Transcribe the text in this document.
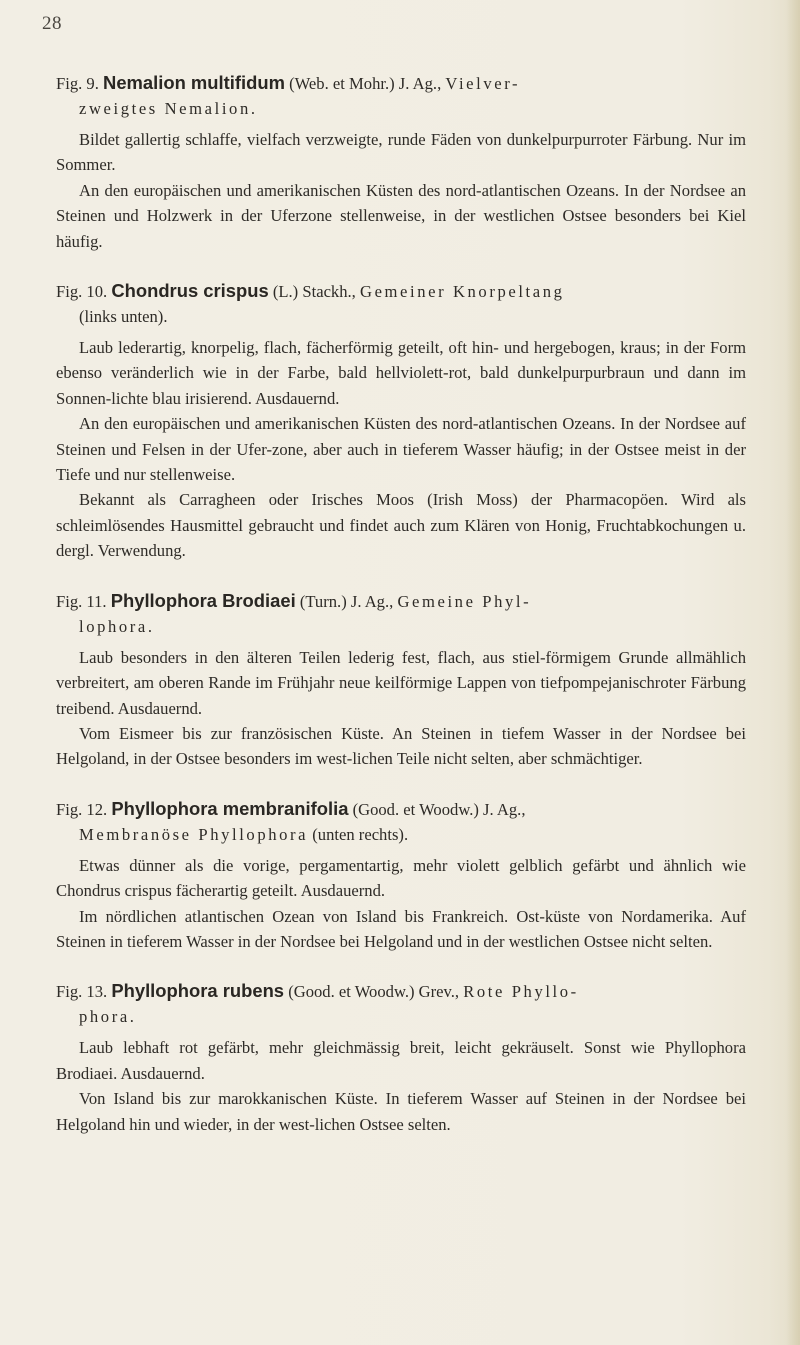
28
Fig. 9. Nemalion multifidum (Web. et Mohr.) J. Ag., Vielver-
zweigtes Nemalion.

Bildet gallertig schlaffe, vielfach verzweigte, runde Fäden von dunkelpurpurroter Färbung. Nur im Sommer.

An den europäischen und amerikanischen Küsten des nord-atlantischen Ozeans. In der Nordsee an Steinen und Holzwerk in der Uferzone stellenweise, in der westlichen Ostsee besonders bei Kiel häufig.

Fig. 10. Chondrus crispus (L.) Stackh., Gemeiner Knorpeltang
(links unten).

Laub lederartig, knorpelig, flach, fächerförmig geteilt, oft hin- und hergebogen, kraus; in der Form ebenso veränderlich wie in der Farbe, bald hellviolett-rot, bald dunkelpurpurbraun und dann im Sonnen-lichte blau irisierend. Ausdauernd.

An den europäischen und amerikanischen Küsten des nord-atlantischen Ozeans. In der Nordsee auf Steinen und Felsen in der Ufer-zone, aber auch in tieferem Wasser häufig; in der Ostsee meist in der Tiefe und nur stellenweise.

Bekannt als Carragheen oder Irisches Moos (Irish Moss) der Pharmacopöen. Wird als schleimlösendes Hausmittel gebraucht und findet auch zum Klären von Honig, Fruchtabkochungen u. dergl. Verwendung.

Fig. 11. Phyllophora Brodiaei (Turn.) J. Ag., Gemeine Phyl-
lophora.

Laub besonders in den älteren Teilen lederig fest, flach, aus stiel-förmigem Grunde allmählich verbreitert, am oberen Rande im Frühjahr neue keilförmige Lappen von tiefpompejanischroter Färbung treibend. Ausdauernd.

Vom Eismeer bis zur französischen Küste. An Steinen in tiefem Wasser in der Nordsee bei Helgoland, in der Ostsee besonders im west-lichen Teile nicht selten, aber schmächtiger.

Fig. 12. Phyllophora membranifolia (Good. et Woodw.) J. Ag.,
Membranöse Phyllophora (unten rechts).

Etwas dünner als die vorige, pergamentartig, mehr violett gelblich gefärbt und ähnlich wie Chondrus crispus fächerartig geteilt. Ausdauernd.

Im nördlichen atlantischen Ozean von Island bis Frankreich. Ost-küste von Nordamerika. Auf Steinen in tieferem Wasser in der Nordsee bei Helgoland und in der westlichen Ostsee nicht selten.

Fig. 13. Phyllophora rubens (Good. et Woodw.) Grev., Rote Phyllo-
phora.

Laub lebhaft rot gefärbt, mehr gleichmässig breit, leicht gekräuselt. Sonst wie Phyllophora Brodiaei. Ausdauernd.

Von Island bis zur marokkanischen Küste. In tieferem Wasser auf Steinen in der Nordsee bei Helgoland hin und wieder, in der west-lichen Ostsee selten.
